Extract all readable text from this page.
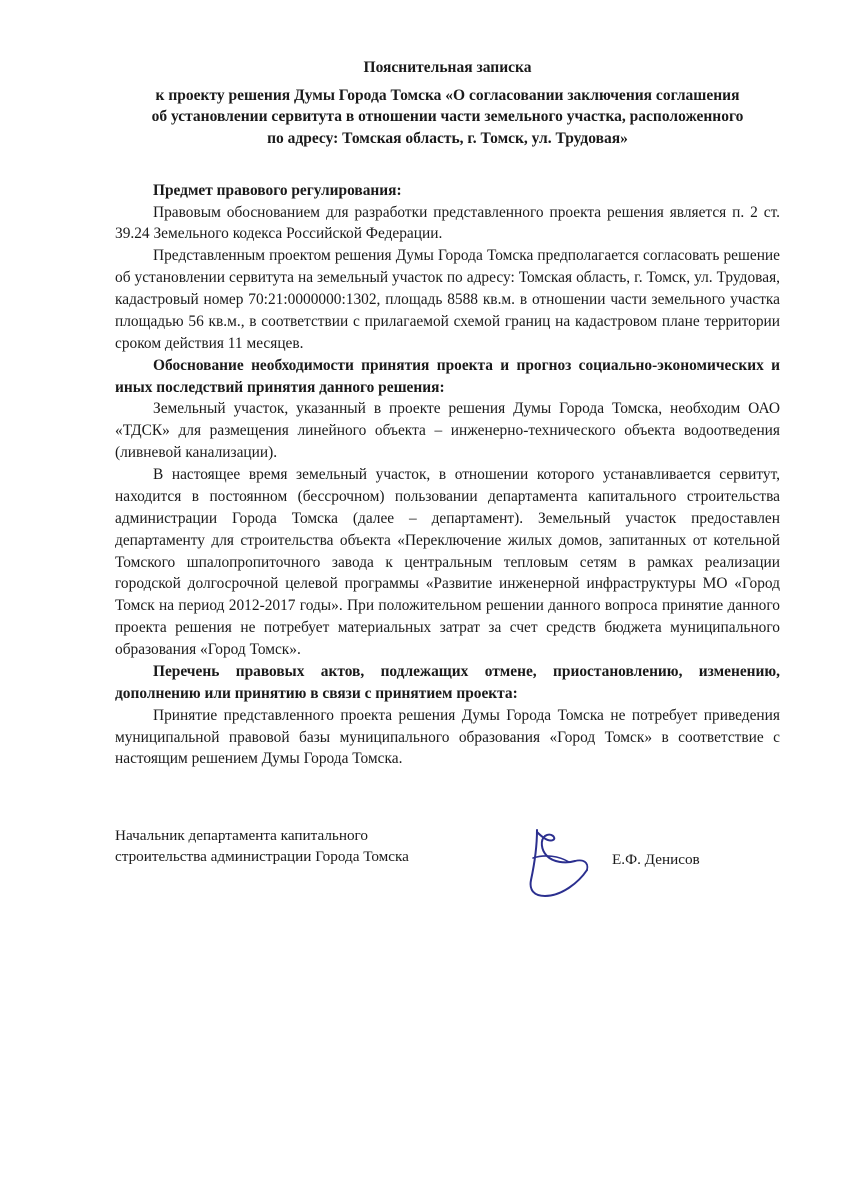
Пояснительная записка
к проекту решения Думы Города Томска «О согласовании заключения соглашения
об установлении сервитута в отношении части земельного участка, расположенного
по адресу: Томская область, г. Томск, ул. Трудовая»

Предмет правового регулирования:

Правовым обоснованием для разработки представленного проекта решения является п. 2 ст. 39.24 Земельного кодекса Российской Федерации.

Представленным проектом решения Думы Города Томска предполагается согласовать решение об установлении сервитута на земельный участок по адресу: Томская область, г. Томск, ул. Трудовая, кадастровый номер 70:21:0000000:1302, площадь 8588 кв.м. в отношении части земельного участка площадью 56 кв.м., в соответствии с прилагаемой схемой границ на кадастровом плане территории сроком действия 11 месяцев.

Обоснование необходимости принятия проекта и прогноз социально-экономических и иных последствий принятия данного решения:

Земельный участок, указанный в проекте решения Думы Города Томска, необходим ОАО «ТДСК» для размещения линейного объекта – инженерно-технического объекта водоотведения (ливневой канализации).

В настоящее время земельный участок, в отношении которого устанавливается сервитут, находится в постоянном (бессрочном) пользовании департамента капитального строительства администрации Города Томска (далее – департамент). Земельный участок предоставлен департаменту для строительства объекта «Переключение жилых домов, запитанных от котельной Томского шпалопропиточного завода к центральным тепловым сетям в рамках реализации городской долгосрочной целевой программы «Развитие инженерной инфраструктуры МО «Город Томск на период 2012-2017 годы». При положительном решении данного вопроса принятие данного проекта решения не потребует материальных затрат за счет средств бюджета муниципального образования «Город Томск».

Перечень правовых актов, подлежащих отмене, приостановлению, изменению, дополнению или принятию в связи с принятием проекта:

Принятие представленного проекта решения Думы Города Томска не потребует приведения муниципальной правовой базы муниципального образования «Город Томск» в соответствие с настоящим решением Думы Города Томска.

Начальник департамента капитального
строительства администрации Города Томска	Е.Ф. Денисов
